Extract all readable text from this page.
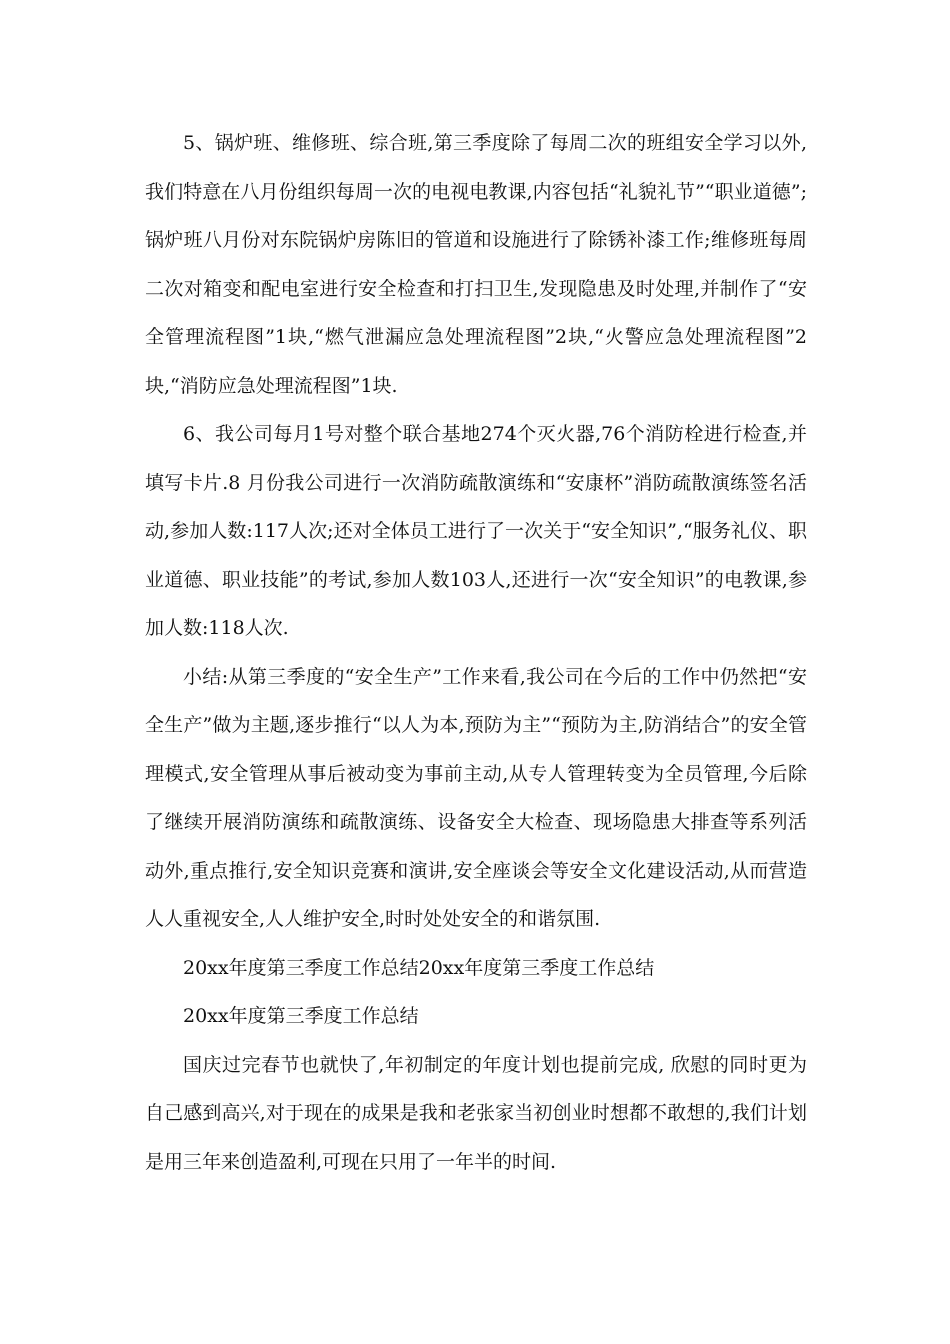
5、锅炉班、维修班、综合班,第三季度除了每周二次的班组安全学习以外,我们特意在八月份组织每周一次的电视电教课,内容包括“礼貌礼节”“职业道德”;锅炉班八月份对东院锅炉房陈旧的管道和设施进行了除锈补漆工作;维修班每周二次对箱变和配电室进行安全检查和打扫卫生,发现隐患及时处理,并制作了“安全管理流程图”1块,“燃气泄漏应急处理流程图”2块,“火警应急处理流程图”2块,“消防应急处理流程图”1块.

6、我公司每月1号对整个联合基地274个灭火器,76个消防栓进行检查,并填写卡片.8 月份我公司进行一次消防疏散演练和“安康杯”消防疏散演练签名活动,参加人数:117人次;还对全体员工进行了一次关于“安全知识”,“服务礼仪、职业道德、职业技能”的考试,参加人数103人,还进行一次“安全知识”的电教课,参加人数:118人次.

小结:从第三季度的“安全生产”工作来看,我公司在今后的工作中仍然把“安全生产”做为主题,逐步推行“以人为本,预防为主”“预防为主,防消结合”的安全管理模式,安全管理从事后被动变为事前主动,从专人管理转变为全员管理,今后除了继续开展消防演练和疏散演练、设备安全大检查、现场隐患大排查等系列活动外,重点推行,安全知识竞赛和演讲,安全座谈会等安全文化建设活动,从而营造人人重视安全,人人维护安全,时时处处安全的和谐氛围.

20xx年度第三季度工作总结20xx年度第三季度工作总结

20xx年度第三季度工作总结

国庆过完春节也就快了,年初制定的年度计划也提前完成, 欣慰的同时更为自己感到高兴,对于现在的成果是我和老张家当初创业时想都不敢想的,我们计划是用三年来创造盈利,可现在只用了一年半的时间.
